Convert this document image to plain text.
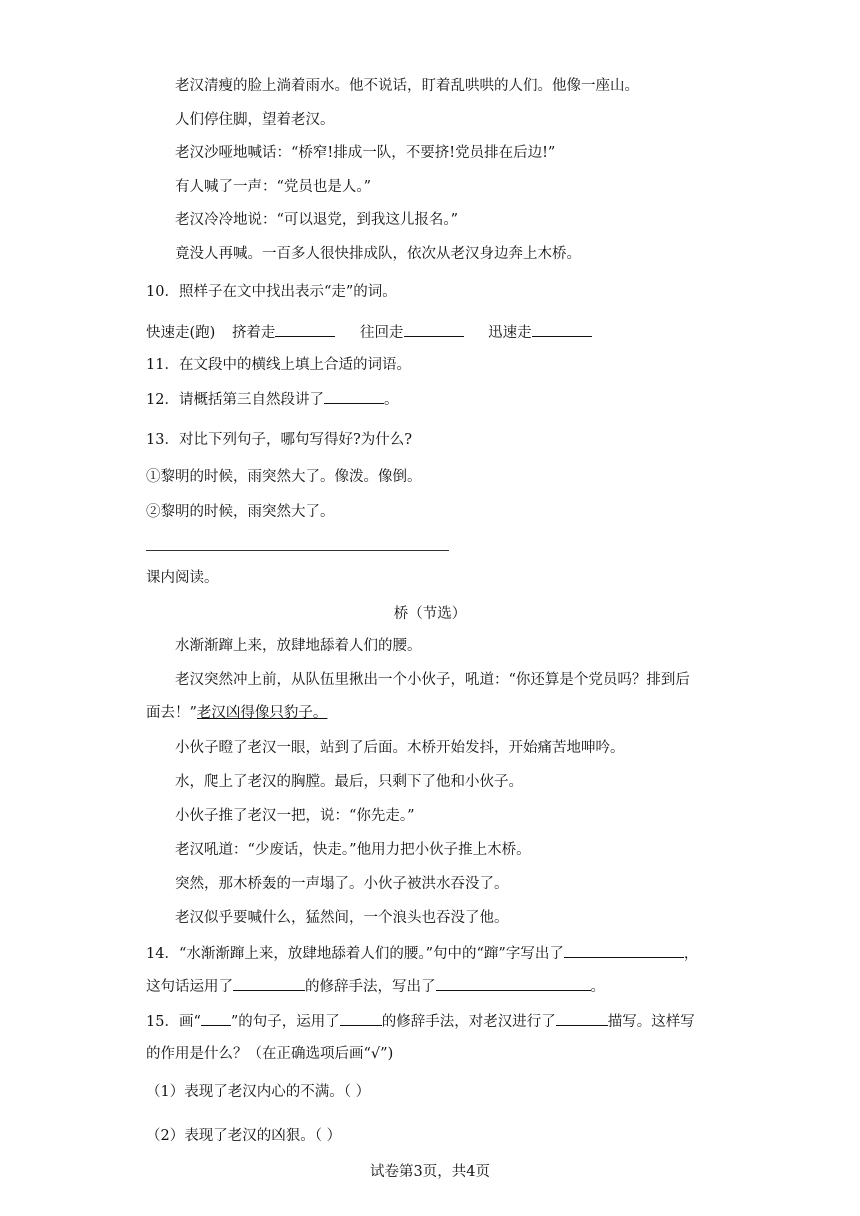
老汉清瘦的脸上淌着雨水。他不说话，盯着乱哄哄的人们。他像一座山。
人们停住脚，望着老汉。
老汉沙哑地喊话：“桥窄!排成一队，不要挤!党员排在后边!”
有人喊了一声：“党员也是人。”
老汉冷冷地说：“可以退党，到我这儿报名。”
竟没人再喊。一百多人很快排成队，依次从老汉身边奔上木桥。
10．照样子在文中找出表示“走”的词。
快速走(跑) 挤着走	往回走	迅速走
11．在文段中的横线上填上合适的词语。
12．请概括第三自然段讲了	。
13．对比下列句子，哪句写得好?为什么?
①黎明的时候，雨突然大了。像泼。像倒。
②黎明的时候，雨突然大了。
课内阅读。
桥（节选）
水渐渐蹿上来，放肆地舔着人们的腰。
老汉突然冲上前，从队伍里揪出一个小伙子，吼道：“你还算是个党员吗？排到后
面去！”老汉凶得像只豹子。
小伙子瞪了老汉一眼，站到了后面。木桥开始发抖，开始痛苦地呻吟。
水，爬上了老汉的胸膛。最后，只剩下了他和小伙子。
小伙子推了老汉一把，说：“你先走。”
老汉吼道：“少废话，快走。”他用力把小伙子推上木桥。
突然，那木桥轰的一声塌了。小伙子被洪水吞没了。
老汉似乎要喊什么，猛然间，一个浪头也吞没了他。
14．“水渐渐蹿上来，放肆地舔着人们的腰。”句中的“蹿”字写出了	，
这句话运用了	的修辞手法，写出了	。
15．画“ ”的句子，运用了	的修辞手法，对老汉进行了	描写。这样写
的作用是什么？（在正确选项后画“√”)
（1）表现了老汉内心的不满。（ ）
（2）表现了老汉的凶狠。（ ）
试卷第3页，共4页
